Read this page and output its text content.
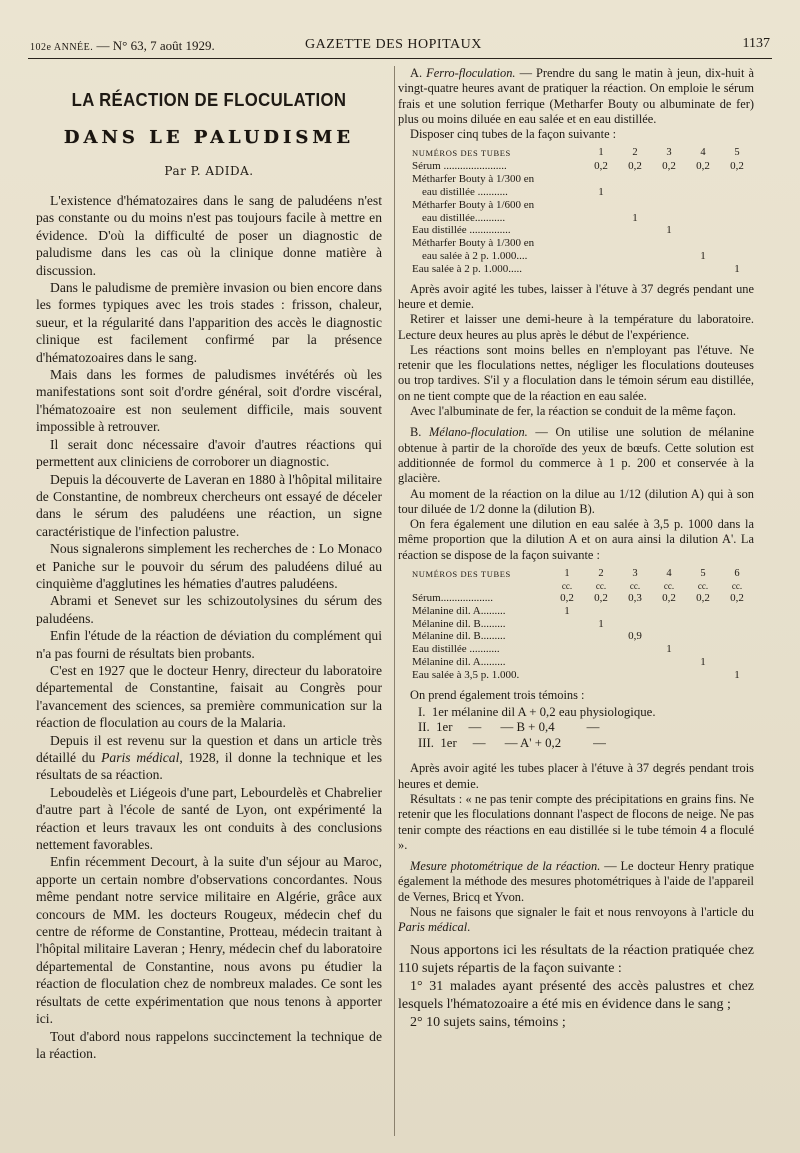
102e ANNÉE. — N° 63, 7 août 1929.	GAZETTE DES HOPITAUX	1137
LA RÉACTION DE FLOCULATION
DANS LE PALUDISME
Par P. ADIDA.

L'existence d'hématozaires dans le sang de paludéens n'est pas constante ou du moins n'est pas toujours facile à mettre en évidence. D'où la difficulté de poser un diagnostic de paludisme dans les cas où la clinique donne matière à discussion.

Dans le paludisme de première invasion ou bien encore dans les formes typiques avec les trois stades : frisson, chaleur, sueur, et la régularité dans l'apparition des accès le diagnostic clinique est facilement confirmé par la présence d'hématozoaires dans le sang.

Mais dans les formes de paludismes invétérés où les manifestations sont soit d'ordre général, soit d'ordre viscéral, l'hématozoaire est non seulement difficile, mais souvent impossible à retrouver.

Il serait donc nécessaire d'avoir d'autres réactions qui permettent aux cliniciens de corroborer un diagnostic.

Depuis la découverte de Laveran en 1880 à l'hôpital militaire de Constantine, de nombreux chercheurs ont essayé de déceler dans le sérum des paludéens une réaction, un signe caractéristique de l'infection palustre.

Nous signalerons simplement les recherches de : Lo Monaco et Paniche sur le pouvoir du sérum des paludéens dilué au cinquième d'agglutines les hématies d'autres paludéens.

Abrami et Senevet sur les schizoutolysines du sérum des paludéens.

Enfin l'étude de la réaction de déviation du complément qui n'a pas fourni de résultats bien probants.

C'est en 1927 que le docteur Henry, directeur du laboratoire départemental de Constantine, faisait au Congrès pour l'avancement des sciences, sa première communication sur la réaction de floculation au cours de la Malaria.

Depuis il est revenu sur la question et dans un article très détaillé du Paris médical, 1928, il donne la technique et les résultats de sa réaction.

Leboudelès et Liégeois d'une part, Lebourdelès et Chabrelier d'autre part à l'école de santé de Lyon, ont expérimenté la réaction et leurs travaux les ont conduits à des conclusions nettement favorables.

Enfin récemment Decourt, à la suite d'un séjour au Maroc, apporte un certain nombre d'observations concordantes. Nous même pendant notre service militaire en Algérie, grâce aux concours de MM. les docteurs Rougeux, médecin chef du centre de réforme de Constantine, Protteau, médecin traitant à l'hôpital militaire Laveran ; Henry, médecin chef du laboratoire départemental de Constantine, nous avons pu étudier la réaction de floculation chez de nombreux malades. Ce sont les résultats de cette expérimentation que nous tenons à apporter ici.

Tout d'abord nous rappelons succinctement la technique de la réaction.

A. Ferro-floculation. — Prendre du sang le matin à jeun, dix-huit à vingt-quatre heures avant de pratiquer la réaction. On emploie le sérum frais et une solution ferrique (Metharfer Bouty ou albuminate de fer) plus ou moins diluée en eau salée et en eau distillée.

Disposer cinq tubes de la façon suivante :

NUMÉROS DES TUBES	1	2	3	4	5
Sérum .......................	0,2	0,2	0,2	0,2	0,2
Métharfer Bouty à 1/300 en					
eau distillée ...........	1				
Métharfer Bouty à 1/600 en					
eau distillée...........		1			
Eau distillée ...............			1		
Métharfer Bouty à 1/300 en					
eau salée à 2 p. 1.000....				1	
Eau salée à 2 p. 1.000.....					1

Après avoir agité les tubes, laisser à l'étuve à 37 degrés pendant une heure et demie.

Retirer et laisser une demi-heure à la température du laboratoire. Lecture deux heures au plus après le début de l'expérience.

Les réactions sont moins belles en n'employant pas l'étuve. Ne retenir que les floculations nettes, négliger les floculations douteuses ou trop tardives. S'il y a floculation dans le témoin sérum eau distillée, on ne tient compte que de la réaction en eau salée.

Avec l'albuminate de fer, la réaction se conduit de la même façon.

B. Mélano-floculation. — On utilise une solution de mélanine obtenue à partir de la choroïde des yeux de bœufs. Cette solution est additionnée de formol du commerce à 1 p. 200 et conservée à la glacière.

Au moment de la réaction on la dilue au 1/12 (dilution A) qui à son tour diluée de 1/2 donne la (dilution B).

On fera également une dilution en eau salée à 3,5 p. 1000 dans la même proportion que la dilution A et on aura ainsi la dilution A'. La réaction se dispose de la façon suivante :

NUMÉROS DES TUBES	1	2	3	4	5	6
	cc.	cc.	cc.	cc.	cc.	cc.
Sérum...................	0,2	0,2	0,3	0,2	0,2	0,2
Mélanine dil. A.........	1					
Mélanine dil. B.........		1				
Mélanine dil. B.........			0,9			
Eau distillée ...........				1		
Mélanine dil. A.........					1	
Eau salée à 3,5 p. 1.000.						1

On prend également trois témoins :

I.  1er mélanine dil A + 0,2 eau physiologique.
II.  1er     —      — B + 0,4          —
III.  1er     —      — A' + 0,2          —

Après avoir agité les tubes placer à l'étuve à 37 degrés pendant trois heures et demie.

Résultats : « ne pas tenir compte des précipitations en grains fins. Ne retenir que les floculations donnant l'aspect de flocons de neige. Ne pas tenir compte des réactions en eau distillée si le tube témoin 4 a floculé ».

Mesure photométrique de la réaction. — Le docteur Henry pratique également la méthode des mesures photométriques à l'aide de l'appareil de Vernes, Bricq et Yvon.

Nous ne faisons que signaler le fait et nous renvoyons à l'article du Paris médical.

Nous apportons ici les résultats de la réaction pratiquée chez 110 sujets répartis de la façon suivante :

1° 31 malades ayant présenté des accès palustres et chez lesquels l'hématozoaire a été mis en évidence dans le sang ;

2° 10 sujets sains, témoins ;
